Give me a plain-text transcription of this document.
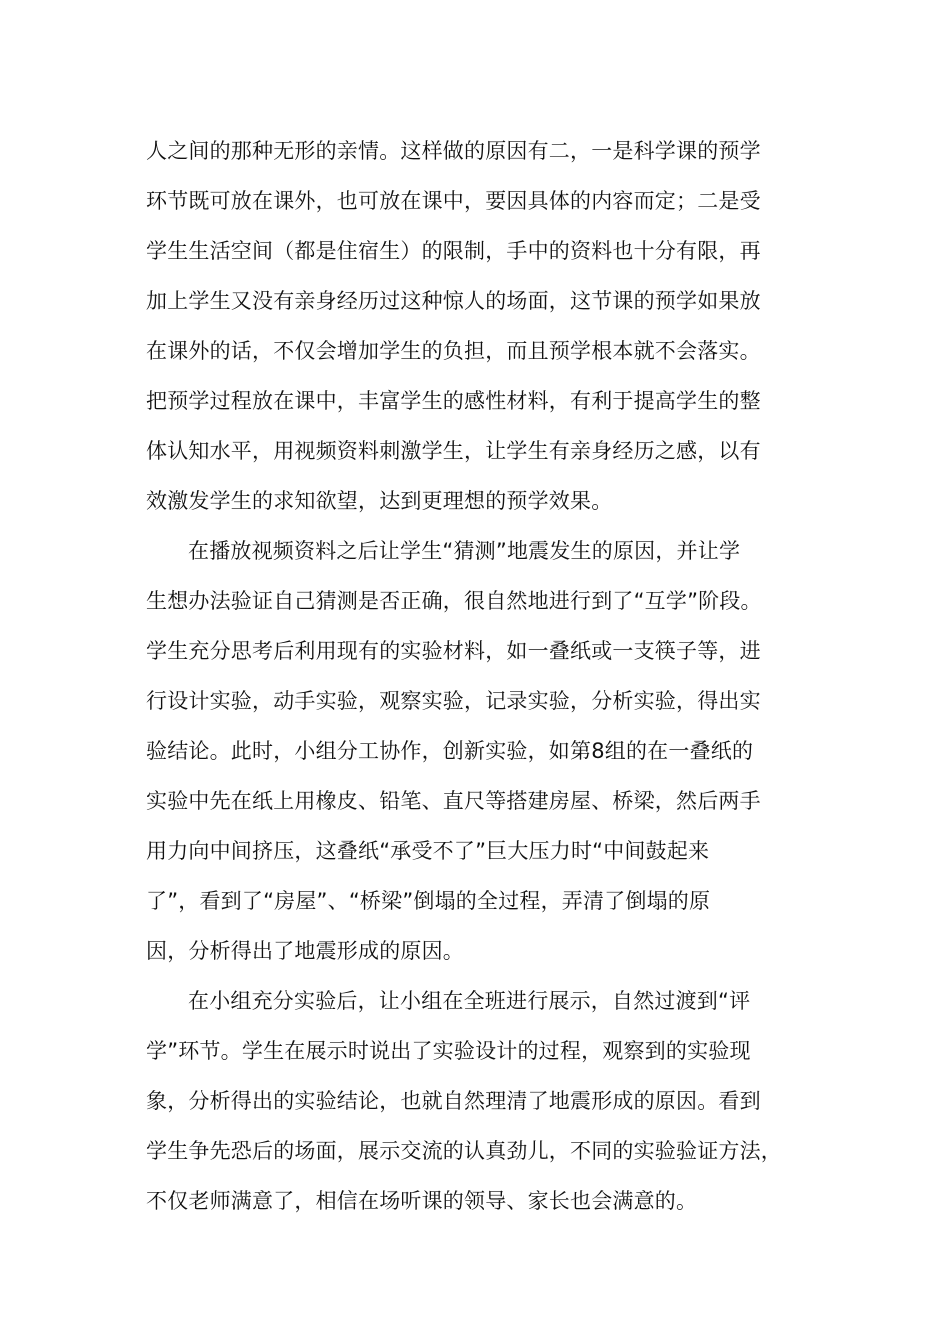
人之间的那种无形的亲情。这样做的原因有二，一是科学课的预学
环节既可放在课外，也可放在课中，要因具体的内容而定；二是受
学生生活空间（都是住宿生）的限制，手中的资料也十分有限，再
加上学生又没有亲身经历过这种惊人的场面，这节课的预学如果放
在课外的话，不仅会增加学生的负担，而且预学根本就不会落实。
把预学过程放在课中，丰富学生的感性材料，有利于提高学生的整
体认知水平，用视频资料刺激学生，让学生有亲身经历之感，以有
效激发学生的求知欲望，达到更理想的预学效果。
在播放视频资料之后让学生“猜测”地震发生的原因，并让学
生想办法验证自己猜测是否正确，很自然地进行到了“互学”阶段。
学生充分思考后利用现有的实验材料，如一叠纸或一支筷子等，进
行设计实验，动手实验，观察实验，记录实验，分析实验，得出实
验结论。此时，小组分工协作，创新实验，如第8组的在一叠纸的
实验中先在纸上用橡皮、铅笔、直尺等搭建房屋、桥梁，然后两手
用力向中间挤压，这叠纸“承受不了”巨大压力时“中间鼓起来
了”，看到了“房屋”、“桥梁”倒塌的全过程，弄清了倒塌的原
因，分析得出了地震形成的原因。
在小组充分实验后，让小组在全班进行展示，自然过渡到“评
学”环节。学生在展示时说出了实验设计的过程，观察到的实验现
象，分析得出的实验结论，也就自然理清了地震形成的原因。看到
学生争先恐后的场面，展示交流的认真劲儿，不同的实验验证方法，
不仅老师满意了，相信在场听课的领导、家长也会满意的。
